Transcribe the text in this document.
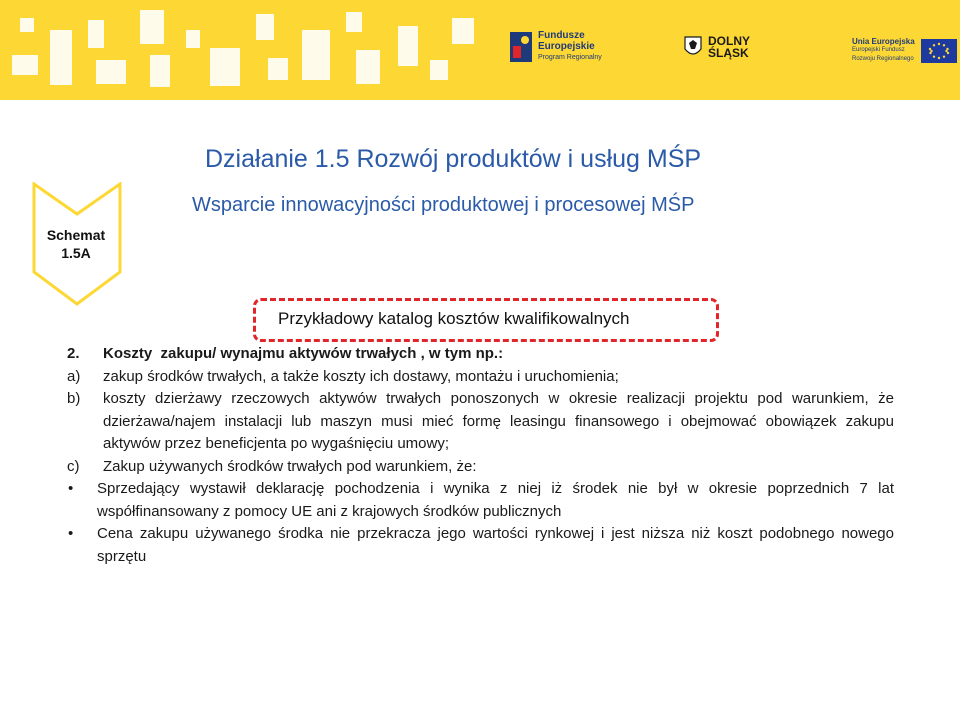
Fundusze
Europejskie
Program Regionalny
DOLNY
ŚLĄSK
Unia Europejska
Europejski Fundusz
Rozwoju Regionalnego
Działanie 1.5 Rozwój produktów i usług MŚP
Wsparcie innowacyjności produktowej i procesowej MŚP
Schemat
1.5A
Przykładowy katalog kosztów kwalifikowalnych
2.	Koszty  zakupu/ wynajmu aktywów trwałych , w tym np.:
a)	zakup środków trwałych, a także koszty ich dostawy, montażu i uruchomienia;
b)	koszty dzierżawy rzeczowych aktywów trwałych ponoszonych w okresie realizacji projektu pod warunkiem, że dzierżawa/najem instalacji lub maszyn musi mieć formę leasingu finansowego i obejmować obowiązek zakupu aktywów przez beneficjenta po wygaśnięciu umowy;
c)	Zakup używanych środków trwałych pod warunkiem, że:
•	Sprzedający wystawił deklarację pochodzenia i wynika z niej iż środek nie był w okresie poprzednich 7 lat współfinansowany z pomocy UE ani z krajowych środków publicznych
•	Cena zakupu używanego środka nie przekracza jego wartości rynkowej i jest niższa niż koszt podobnego nowego sprzętu
